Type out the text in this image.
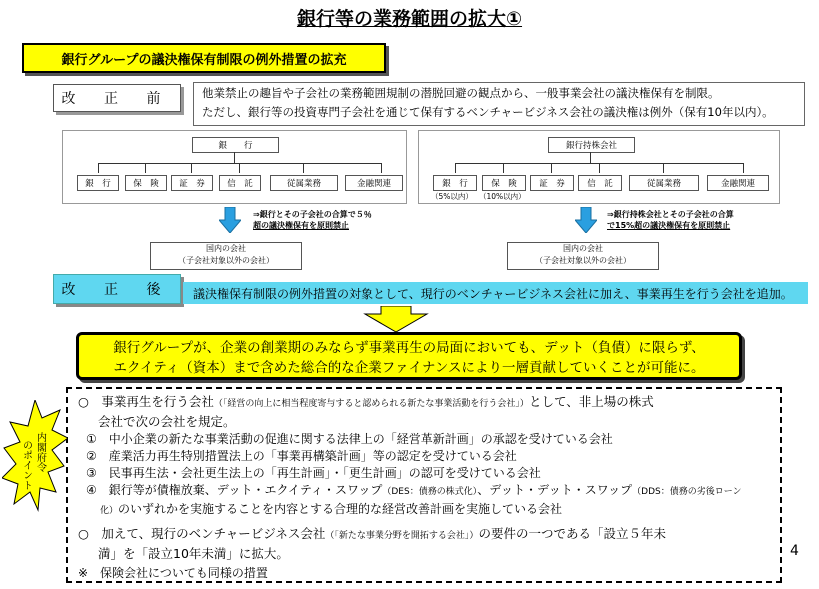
銀行等の業務範囲の拡大①
銀行グループの議決権保有制限の例外措置の拡充
改 正 前	他業禁止の趣旨や子会社の業務範囲規制の潜脱回避の観点から、一般事業会社の議決権保有を制限。
ただし、銀行等の投資専門子会社を通じて保有するベンチャービジネス会社の議決権は例外（保有10年以内）。
銀　　行
銀　行	保　険	証　券	信　託	従属業務	金融関連
⇒銀行とその子会社の合算で５％
超の議決権保有を原則禁止
国内の会社
（子会社対象以外の会社）
銀行持株会社
銀　行	保　険	証　券	信　託	従属業務	金融関連
（5%以内） （10%以内）
⇒銀行持株会社とその子会社の合算
で15%超の議決権保有を原則禁止
国内の会社
（子会社対象以外の会社）
改 正 後	議決権保有制限の例外措置の対象として、現行のベンチャービジネス会社に加え、事業再生を行う会社を追加。
銀行グループが、企業の創業期のみならず事業再生の局面においても、デット（負債）に限らず、
エクイティ（資本）まで含めた総合的な企業ファイナンスにより一層貢献していくことが可能に。
内閣府令
のポイント
○　事業再生を行う会社（「経営の向上に相当程度寄与すると認められる新たな事業活動を行う会社」）として、非上場の株式
会社で次の会社を規定。
①　中小企業の新たな事業活動の促進に関する法律上の「経営革新計画」の承認を受けている会社
②　産業活力再生特別措置法上の「事業再構築計画」等の認定を受けている会社
③　民事再生法・会社更生法上の「再生計画」・「更生計画」の認可を受けている会社
④　銀行等が債権放棄、デット・エクイティ・スワップ（DES：債務の株式化）、デット・デット・スワップ（DDS：債務の劣後ローン
化）のいずれかを実施することを内容とする合理的な経営改善計画を実施している会社
○　加えて、現行のベンチャービジネス会社（「新たな事業分野を開拓する会社」）の要件の一つである「設立５年未
満」を「設立10年未満」に拡大。
※　保険会社についても同様の措置
4
